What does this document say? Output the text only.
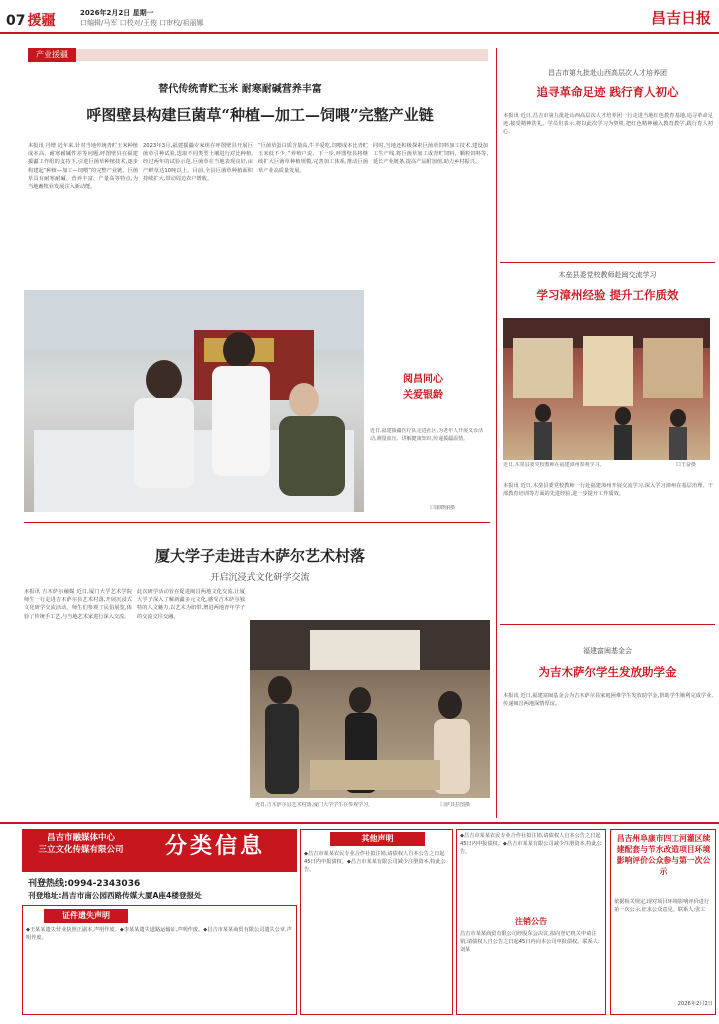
07 援疆	2026年2月2日 星期一
口编辑/马军 口校对/王俊 口审校/祖丽娜	昌吉日报
产业援疆
替代传统青贮玉米 耐寒耐碱营养丰富
呼图壁县构建巨菌草“种植—加工—饲喂”完整产业链
本报讯 丹增 近年来,针对当地传统青贮玉米种植成本高、耐寒耐碱性差等问题,呼图壁县在福建援疆工作组的支持下,引进巨菌草种植技术,逐步构建起“种植—加工—饲喂”的完整产业链。巨菌草具有耐寒耐碱、营养丰富、产量高等特点,为当地畜牧业发展注入新动能。
2023年3月,福建援疆专家组在呼图壁县开展巨菌草引种试验,选取不同类型土壤进行对比种植,经过两年的试验示范,巨菌草在当地表现良好,亩产鲜草达10吨以上。目前,全县巨菌草种植面积持续扩大,带动周边农户增收。
“巨菌草蛋白质含量高,牛羊爱吃,饲喂成本比青贮玉米低不少。”养殖户说。下一步,呼图壁县将继续扩大巨菌草种植规模,完善加工体系,推动巨菌草产业高质量发展。
同时,当地还积极探索巨菌草饲料加工技术,建设加工生产线,将巨菌草加工成青贮饲料、颗粒饲料等,延长产业链条,提高产品附加值,助力乡村振兴。
阅昌同心
关爱银龄
近日,福建援疆医疗队走进社区,为老年人开展义诊活动,测量血压、讲解健康知识,传递援疆温情。
口康晓丽摄
厦大学子走进吉木萨尔艺术村落
开启沉浸式文化研学交流
本报讯 吉木萨尔融媒 近日,厦门大学艺术学院师生一行走进吉木萨尔县艺术村落,开展沉浸式文化研学交流活动。师生们参观了民俗展览,体验了传统手工艺,与当地艺术家进行深入交流。
此次研学活动旨在促进闽昌两地文化交流,让厦大学子深入了解新疆多元文化,感受吉木萨尔独特的人文魅力,以艺术为纽带,增进两地青年学子的交流交往交融。
近日,吉木萨尔县艺术村落,厦门大学学生在参观学习。	口萨其拉图摄
昌吉市第九批赴山西高层次人才培养团
追寻革命足迹 践行育人初心
本报讯 近日,昌吉市第九批赴山西高层次人才培养团一行走进当地红色教育基地,追寻革命足迹,接受精神洗礼。学员们表示,将以此次学习为契机,把红色精神融入教育教学,践行育人初心。
木垒县委党校教师赴闽交流学习
学习漳州经验 提升工作质效
近日,木垒县委党校教师在福建漳州参观学习。	口王奋摄
本报讯 近日,木垒县委党校教师一行赴福建漳州开展交流学习,深入学习漳州在基层治理、干部教育培训等方面的先进经验,进一步提升工作质效。
福建富闽基金会
为吉木萨尔学生发放助学金
本报讯 近日,福建富闽基金会为吉木萨尔县家庭困难学生发放助学金,帮助学生顺利完成学业,传递闽昌两地深情厚谊。
昌吉市融媒体中心
三立文化传媒有限公司	分类信息
刊登热线:0994-2343036
刊登地址:昌吉市南公园西路传媒大厦A座4楼登报处
证件遗失声明
◆王某某遗失营业执照正副本,声明作废。◆李某某遗失道路运输证,声明作废。◆昌吉市某某商贸有限公司遗失公章,声明作废。
其他声明
◆昌吉市某某农民专业合作社拟注销,请债权人自本公告之日起45日内申报债权。◆昌吉市某某有限公司减少注册资本,特此公告。
◆昌吉市某某农民专业合作社拟注销,请债权人自本公告之日起45日内申报债权。◆昌吉市某某有限公司减少注册资本,特此公告。
注销公告
昌吉市某某商贸有限公司经股东会决议,拟向登记机关申请注销,请债权人自公告之日起45日内向本公司申报债权。联系人:刘某
昌吉州阜康市四工河灌区续建配套与节水改造项目环境影响评价公众参与第一次公示
依据相关规定,现对项目环境影响评价进行第一次公示,征求公众意见。联系人:张工
2026年2月2日
